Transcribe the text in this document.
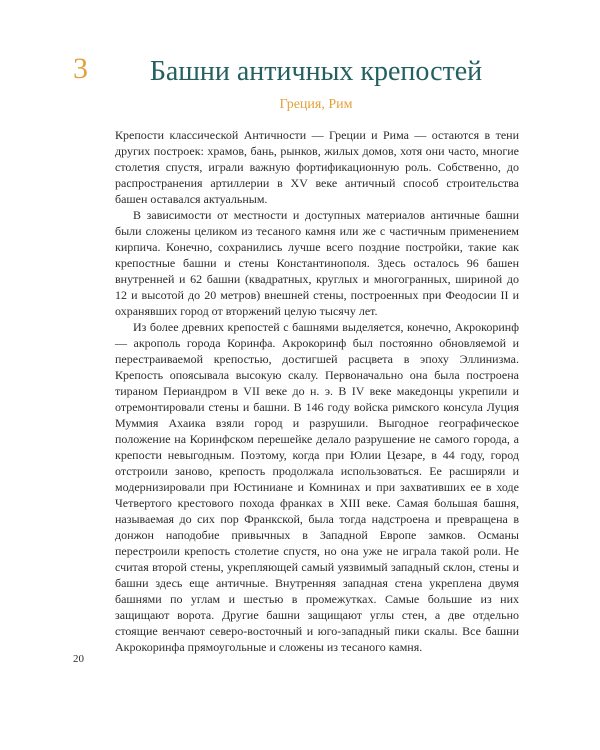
3	Башни античных крепостей
Греция, Рим

Крепости классической Античности — Греции и Рима — остаются в тени других построек: храмов, бань, рынков, жилых домов, хотя они часто, многие столетия спустя, играли важную фортификационную роль. Собственно, до распространения артиллерии в XV веке античный способ строительства башен оставался актуальным.

В зависимости от местности и доступных материалов античные башни были сложены целиком из тесаного камня или же с частичным применением кирпича. Конечно, сохранились лучше всего поздние постройки, такие как крепостные башни и стены Константинополя. Здесь осталось 96 башен внутренней и 62 башни (квадратных, круглых и многогранных, шириной до 12 и высотой до 20 метров) внешней стены, построенных при Феодосии II и охранявших город от вторжений целую тысячу лет.

Из более древних крепостей с башнями выделяется, конечно, Акрокоринф — акрополь города Коринфа. Акрокоринф был постоянно обновляемой и перестраиваемой крепостью, достигшей расцвета в эпоху Эллинизма. Крепость опоясывала высокую скалу. Первоначально она была построена тираном Периандром в VII веке до н. э. В IV веке македонцы укрепили и отремонтировали стены и башни. В 146 году войска римского консула Луция Муммия Ахаика взяли город и разрушили. Выгодное географическое положение на Коринфском перешейке делало разрушение не самого города, а крепости невыгодным. Поэтому, когда при Юлии Цезаре, в 44 году, город отстроили заново, крепость продолжала использоваться. Ее расширяли и модернизировали при Юстиниане и Комнинах и при захвативших ее в ходе Четвертого крестового похода франках в XIII веке. Самая большая башня, называемая до сих пор Франкской, была тогда надстроена и превращена в донжон наподобие привычных в Западной Европе замков. Османы перестроили крепость столетие спустя, но она уже не играла такой роли. Не считая второй стены, укрепляющей самый уязвимый западный склон, стены и башни здесь еще античные. Внутренняя западная стена укреплена двумя башнями по углам и шестью в промежутках. Самые большие из них защищают ворота. Другие башни защищают углы стен, а две отдельно стоящие венчают северо-восточный и юго-западный пики скалы. Все башни Акрокоринфа прямоугольные и сложены из тесаного камня.

20
